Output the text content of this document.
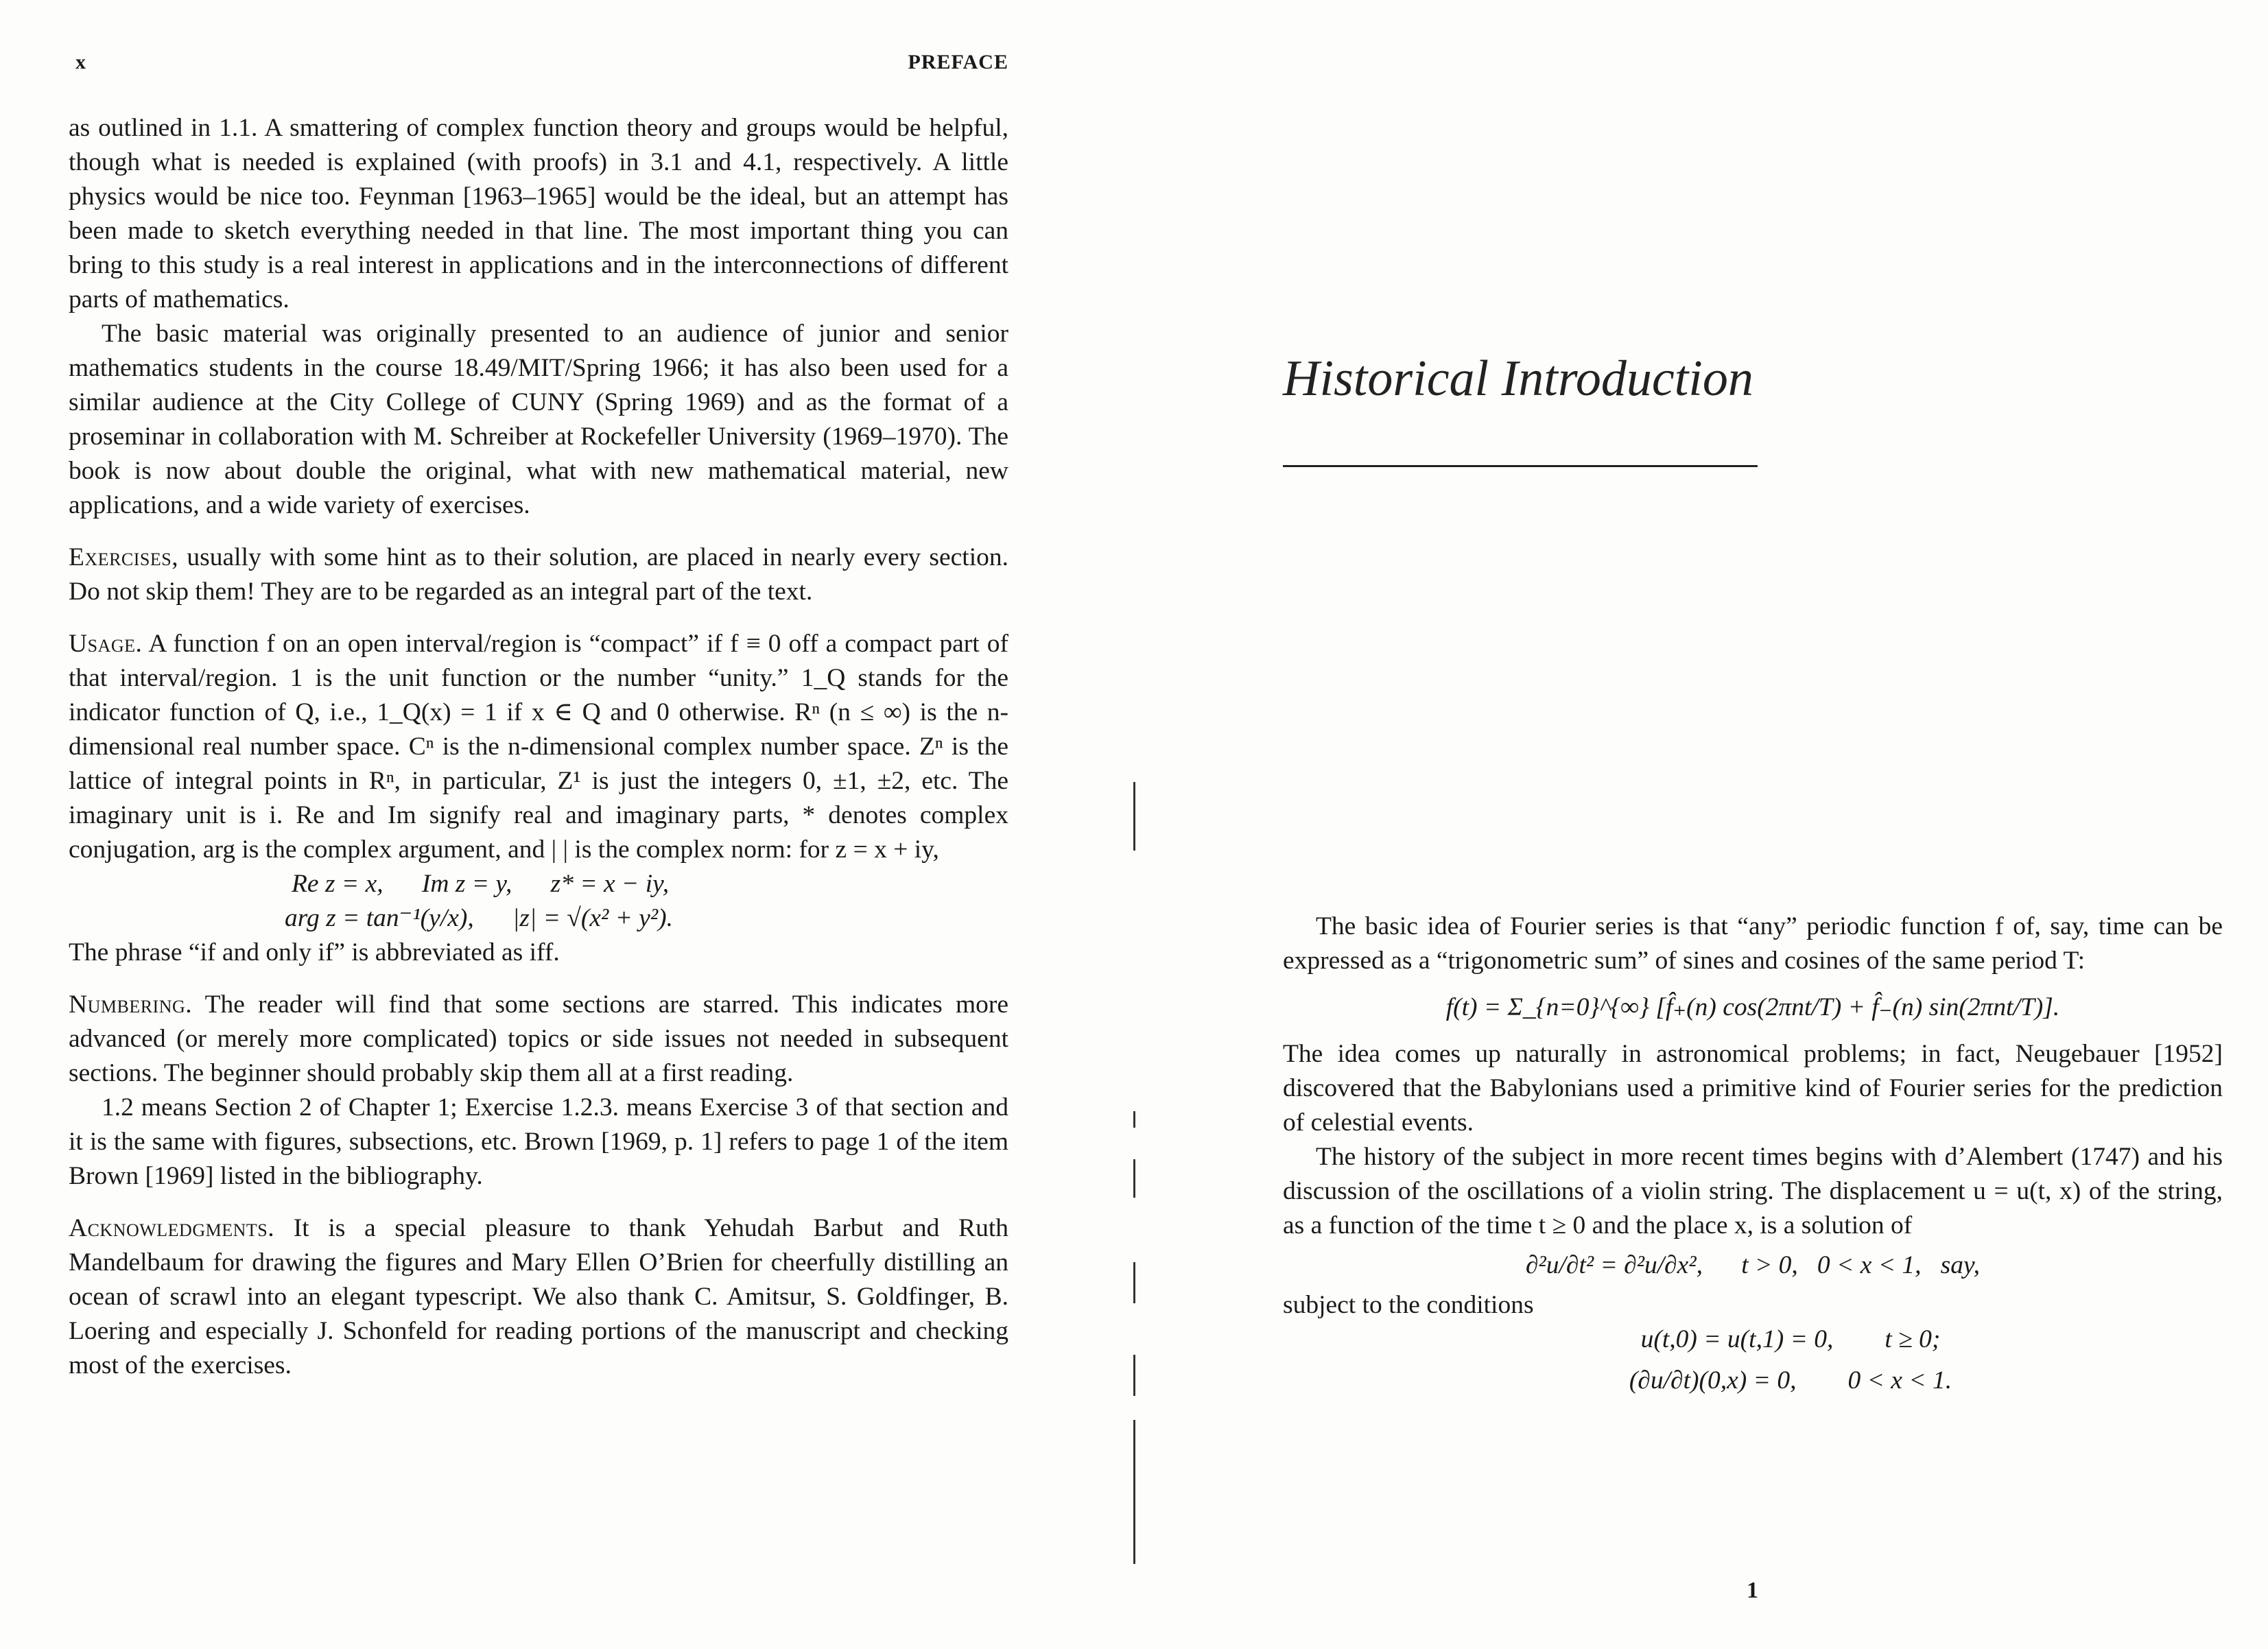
x	PREFACE

as outlined in 1.1. A smattering of complex function theory and groups would be helpful, though what is needed is explained (with proofs) in 3.1 and 4.1, respectively. A little physics would be nice too. Feynman [1963–1965] would be the ideal, but an attempt has been made to sketch everything needed in that line. The most important thing you can bring to this study is a real interest in applications and in the interconnections of different parts of mathematics.

The basic material was originally presented to an audience of junior and senior mathematics students in the course 18.49/MIT/Spring 1966; it has also been used for a similar audience at the City College of CUNY (Spring 1969) and as the format of a proseminar in collaboration with M. Schreiber at Rockefeller University (1969–1970). The book is now about double the original, what with new mathematical material, new applications, and a wide variety of exercises.

Exercises, usually with some hint as to their solution, are placed in nearly every section. Do not skip them! They are to be regarded as an integral part of the text.

Usage. A function f on an open interval/region is “compact” if f ≡ 0 off a compact part of that interval/region. 1 is the unit function or the number “unity.” 1_Q stands for the indicator function of Q, i.e., 1_Q(x) = 1 if x ∈ Q and 0 otherwise. Rⁿ (n ≤ ∞) is the n-dimensional real number space. Cⁿ is the n-dimensional complex number space. Zⁿ is the lattice of integral points in Rⁿ, in particular, Z¹ is just the integers 0, ±1, ±2, etc. The imaginary unit is i. Re and Im signify real and imaginary parts, * denotes complex conjugation, arg is the complex argument, and | | is the complex norm: for z = x + iy,

Re z = x,      Im z = y,      z* = x − iy,

arg z = tan⁻¹(y/x),      |z| = √(x² + y²).

The phrase “if and only if” is abbreviated as iff.

Numbering. The reader will find that some sections are starred. This indicates more advanced (or merely more complicated) topics or side issues not needed in subsequent sections. The beginner should probably skip them all at a first reading.

1.2 means Section 2 of Chapter 1; Exercise 1.2.3. means Exercise 3 of that section and it is the same with figures, subsections, etc. Brown [1969, p. 1] refers to page 1 of the item Brown [1969] listed in the bibliography.

Acknowledgments. It is a special pleasure to thank Yehudah Barbut and Ruth Mandelbaum for drawing the figures and Mary Ellen O’Brien for cheerfully distilling an ocean of scrawl into an elegant typescript. We also thank C. Amitsur, S. Goldfinger, B. Loering and especially J. Schonfeld for reading portions of the manuscript and checking most of the exercises.

Historical Introduction

The basic idea of Fourier series is that “any” periodic function f of, say, time can be expressed as a “trigonometric sum” of sines and cosines of the same period T:

f(t) = Σ_{n=0}^{∞} [f̂₊(n) cos(2πnt/T) + f̂₋(n) sin(2πnt/T)].

The idea comes up naturally in astronomical problems; in fact, Neugebauer [1952] discovered that the Babylonians used a primitive kind of Fourier series for the prediction of celestial events.

The history of the subject in more recent times begins with d’Alembert (1747) and his discussion of the oscillations of a violin string. The displacement u = u(t, x) of the string, as a function of the time t ≥ 0 and the place x, is a solution of

∂²u/∂t² = ∂²u/∂x²,      t > 0,   0 < x < 1,   say,

subject to the conditions

u(t,0) = u(t,1) = 0,        t ≥ 0;

(∂u/∂t)(0,x) = 0,        0 < x < 1.

1
